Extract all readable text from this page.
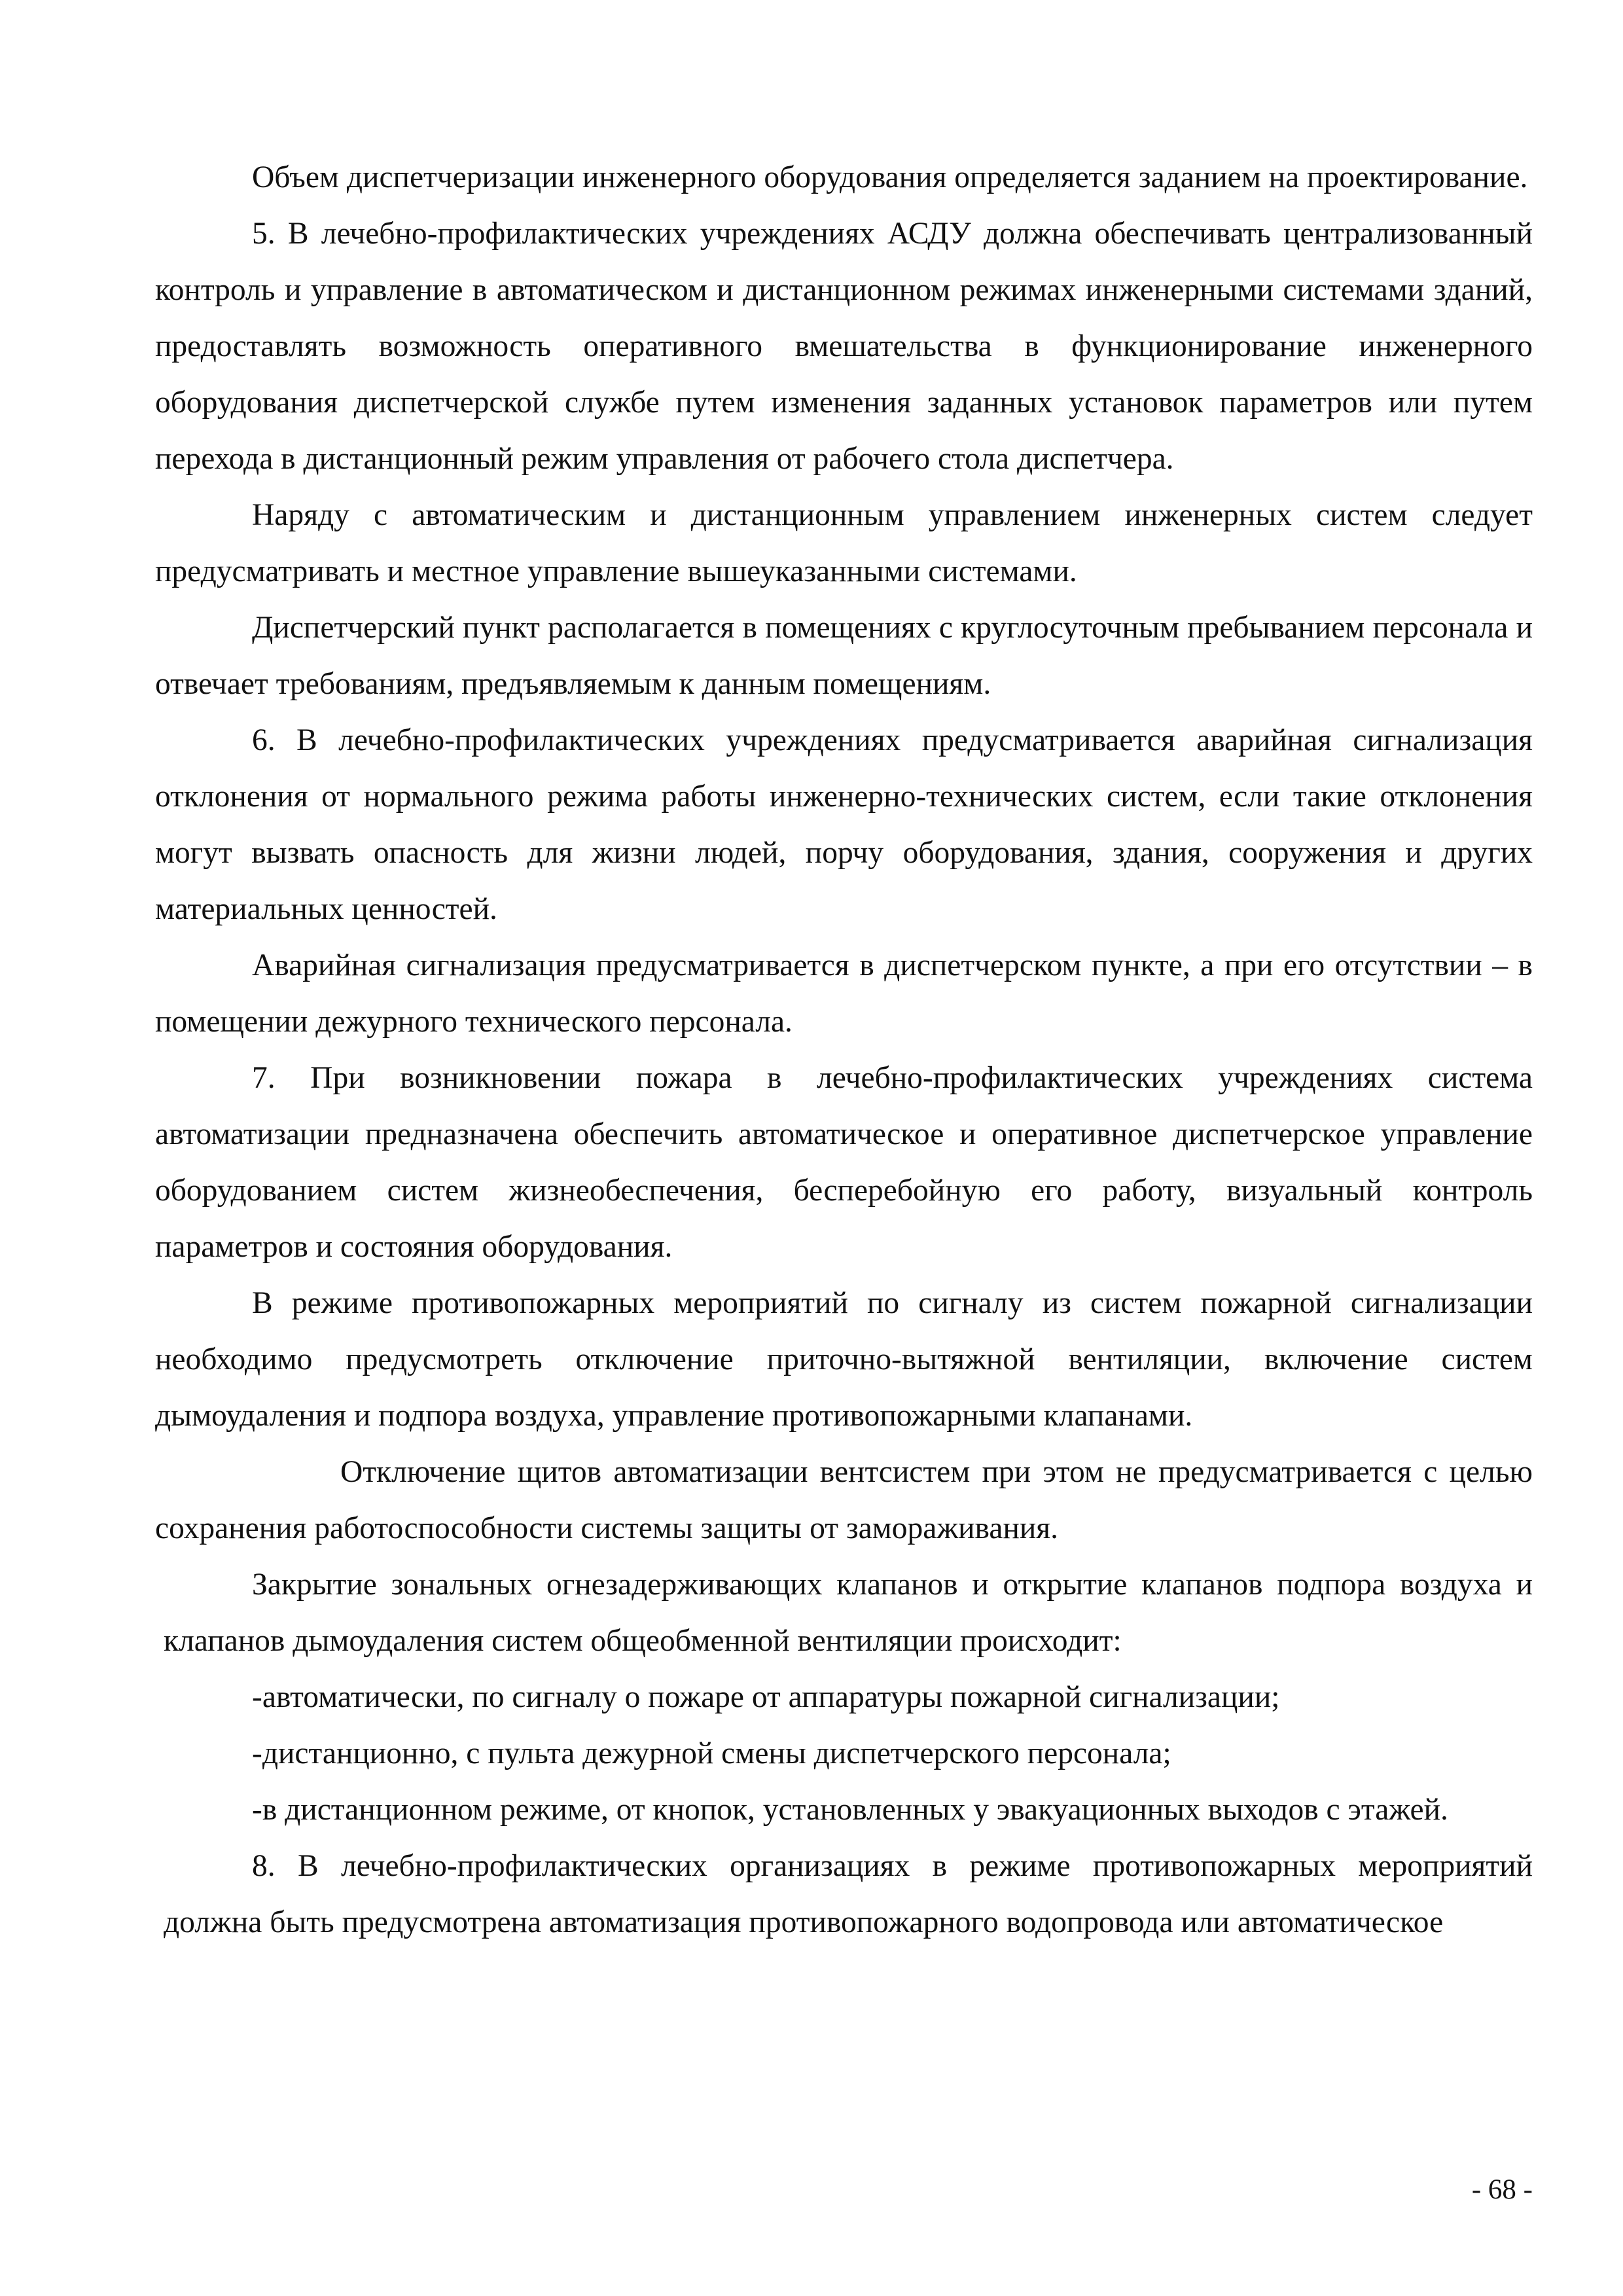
Объем диспетчеризации инженерного оборудования определяется заданием на проектирование.

5. В лечебно-профилактических учреждениях АСДУ должна обеспечивать централизованный контроль и управление в автоматическом и дистанционном режимах инженерными системами зданий, предоставлять возможность оперативного вмешательства в функционирование инженерного оборудования диспетчерской службе путем изменения заданных установок параметров или путем перехода в дистанционный режим управления от рабочего стола диспетчера.

Наряду с автоматическим и дистанционным управлением инженерных систем следует предусматривать и местное управление вышеуказанными системами.

Диспетчерский пункт располагается в помещениях с круглосуточным пребыванием персонала и отвечает требованиям, предъявляемым к данным помещениям.

6. В лечебно-профилактических учреждениях предусматривается аварийная сигнализация отклонения от нормального режима работы инженерно-технических систем, если такие отклонения могут вызвать опасность для жизни людей, порчу оборудования, здания, сооружения и других материальных ценностей.

Аварийная сигнализация предусматривается в диспетчерском пункте, а при его отсутствии – в помещении дежурного технического персонала.

7. При возникновении пожара в лечебно-профилактических учреждениях система автоматизации предназначена обеспечить автоматическое и оперативное диспетчерское управление оборудованием систем жизнеобеспечения, бесперебойную его работу, визуальный контроль параметров и состояния оборудования.

В режиме противопожарных мероприятий по сигналу из систем пожарной сигнализации необходимо предусмотреть отключение приточно-вытяжной вентиляции, включение систем дымоудаления и подпора воздуха, управление противопожарными клапанами.

Отключение щитов автоматизации вентсистем при этом не предусматривается с целью сохранения работоспособности системы защиты от замораживания.

Закрытие зональных огнезадерживающих клапанов и открытие клапанов подпора воздуха и клапанов дымоудаления систем общеобменной вентиляции происходит:

-автоматически, по сигналу о пожаре от аппаратуры пожарной сигнализации;

-дистанционно, с пульта дежурной смены диспетчерского персонала;

-в дистанционном режиме, от кнопок, установленных у эвакуационных выходов с этажей.

8. В лечебно-профилактических организациях в режиме противопожарных мероприятий должна быть предусмотрена автоматизация противопожарного водопровода или автоматическое

- 68 -
